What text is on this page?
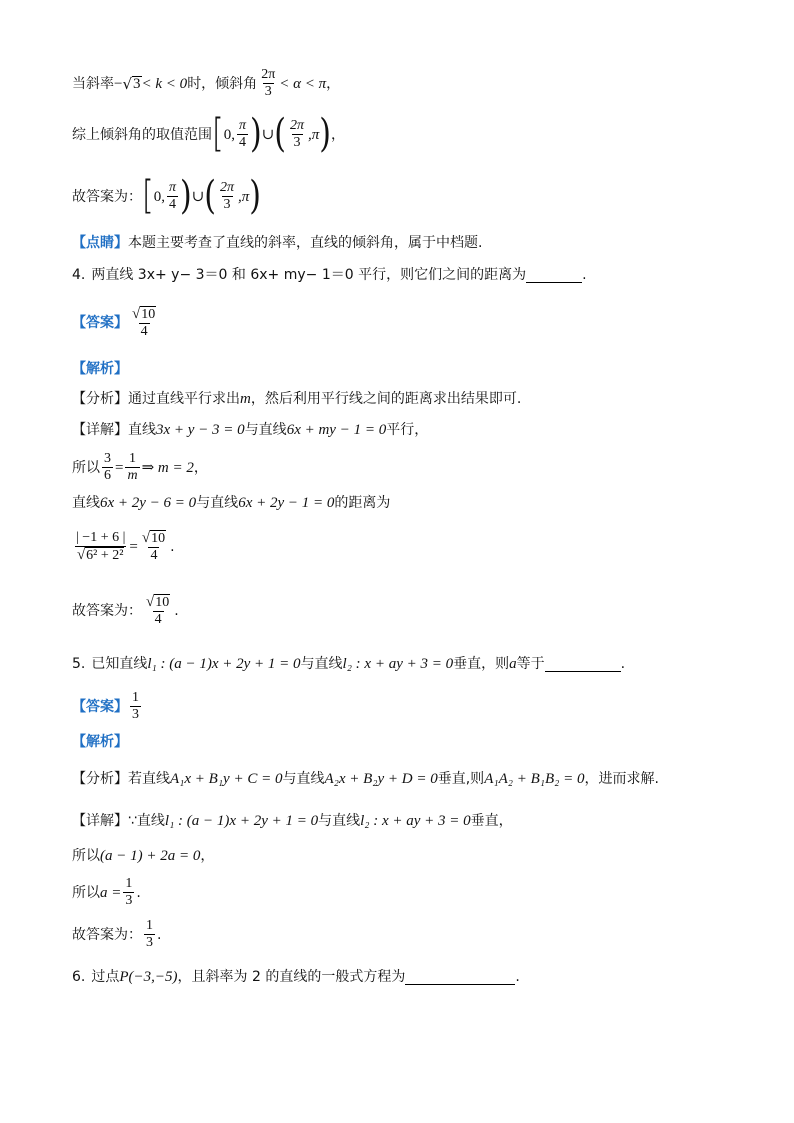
当斜率 − √ 3 < k < 0 时，倾斜角 $\frac{2\pi}{3} < \alpha < \pi$ ，
综上倾斜角的取值范围 [ 0, $\frac{\pi}{4}$ ) ∪ ( $\frac{2\pi}{3} ,\pi$ ) ，
故答案为： [ 0, $\frac{\pi}{4}$ ) ∪ ( $\frac{2\pi}{3} ,\pi$ )
【点睛】 本题主要考查了直线的斜率，直线的倾斜角，属于中档题.
4. 两直线 3x+ y− 3＝0 和 6x+ my− 1＝0 平行，则它们之间的距离为	.
【答案】 $\frac{√ 10}{4}$
【解析】
【分析】 通过直线平行求出 m ，然后利用平行线之间的距离求出结果即可.
【详解】 直线 3x + y − 3 = 0 与直线 6x + my − 1 = 0 平行，
所以 $\frac{3}{6} = \frac{1}{m}$ ⇒ m = 2 ，
直线 6x + 2y − 6 = 0 与直线 6x + 2y − 1 = 0 的距离为
$\frac{| -1 + 6 |}{\text{√ 6² + 2²}} = \frac{√ 10}{4}$ .
故答案为： $\frac{√ 10}{4}$ .
5. 已知直线 l₁ : (a − 1)x + 2y + 1 = 0 与直线 l₂ : x + ay + 3 = 0 垂直，则 a 等于	.
【答案】 $\frac{1}{3}$
【解析】
【分析】 若直线 A₁x + B₁y + C = 0 与直线 A₂x + B₂y + D = 0 垂直,则 A₁A₂ + B₁B₂ = 0 ，进而求解.
【详解】 ∵直线 l₁ : (a − 1)x + 2y + 1 = 0 与直线 l₂ : x + ay + 3 = 0 垂直，
所以 (a − 1) + 2a = 0 ，
所以 $a = \frac{1}{3}$ .
故答案为： $\frac{1}{3}$ .
6. 过点 P(−3,−5) ，且斜率为 2 的直线的一般式方程为	.
